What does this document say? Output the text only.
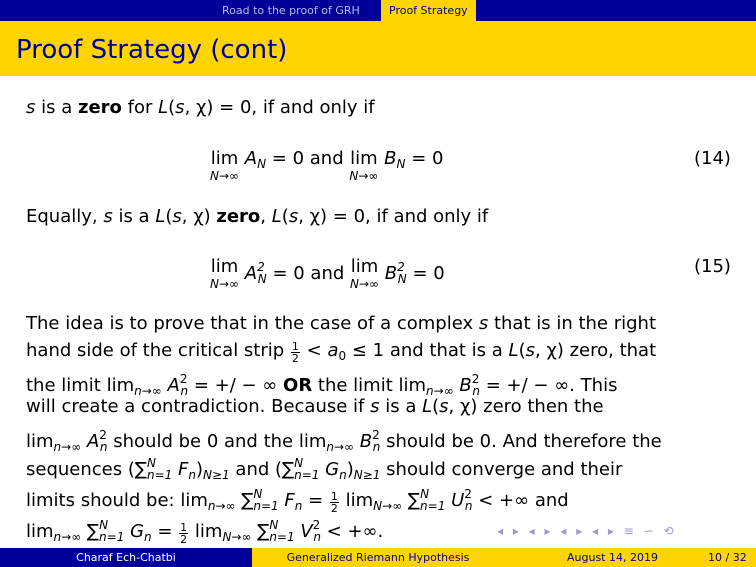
Road to the proof of GRH	Proof Strategy
Proof Strategy (cont)
s is a zero for L(s, χ) = 0, if and only if
lim
N→∞
$A_N = 0$ and lim
N→∞
$B_N = 0$	(14)
Equally, s is a L(s, χ) zero, L(s, χ) = 0, if and only if
lim
N→∞ $A^2_N = 0$ and lim
N→∞ $B^2_N = 0$	(15)
The idea is to prove that in the case of a complex s that is in the right
hand side of the critical strip $\frac{1}{2} < a_0 \le 1$ and that is a L(s, χ) zero, that
the limit $\lim_{n\to\infty} A^2_n$ = +/ − ∞ OR the limit $\lim_{n\to\infty} B^2_n$ = +/ − ∞. This
will create a contradiction. Because if s is a L(s, χ) zero then the
$\lim_{n\to\infty} A^2_n$ should be 0 and the $\lim_{n\to\infty} B^2_n$ should be 0. And therefore the
sequences (∑$^N_{n=1}$ $F_n)_{N\ge 1}$ and (∑$^N_{n=1}$ $G_n)_{N\ge 1}$ should converge and their
limits should be: $\lim_{n\to\infty} \sum^N_{n=1}$ $F_n = \frac{1}{2} \lim_{N\to\infty} \sum^N_{n=1}$ $U^2_n$ < +∞ and
$\lim_{n\to\infty} \sum^N_{n=1}$ $G_n = \frac{1}{2} \lim_{N\to\infty} \sum^N_{n=1}$ $V^2_n$ < +∞.	◂ ▸ ◂ ▸ ◂ ▸ ◂ ▸ ≡ ∽ ⟲
Charaf Ech-Chatbi	Generalized Riemann Hypothesis	August 14, 2019	10 / 32
